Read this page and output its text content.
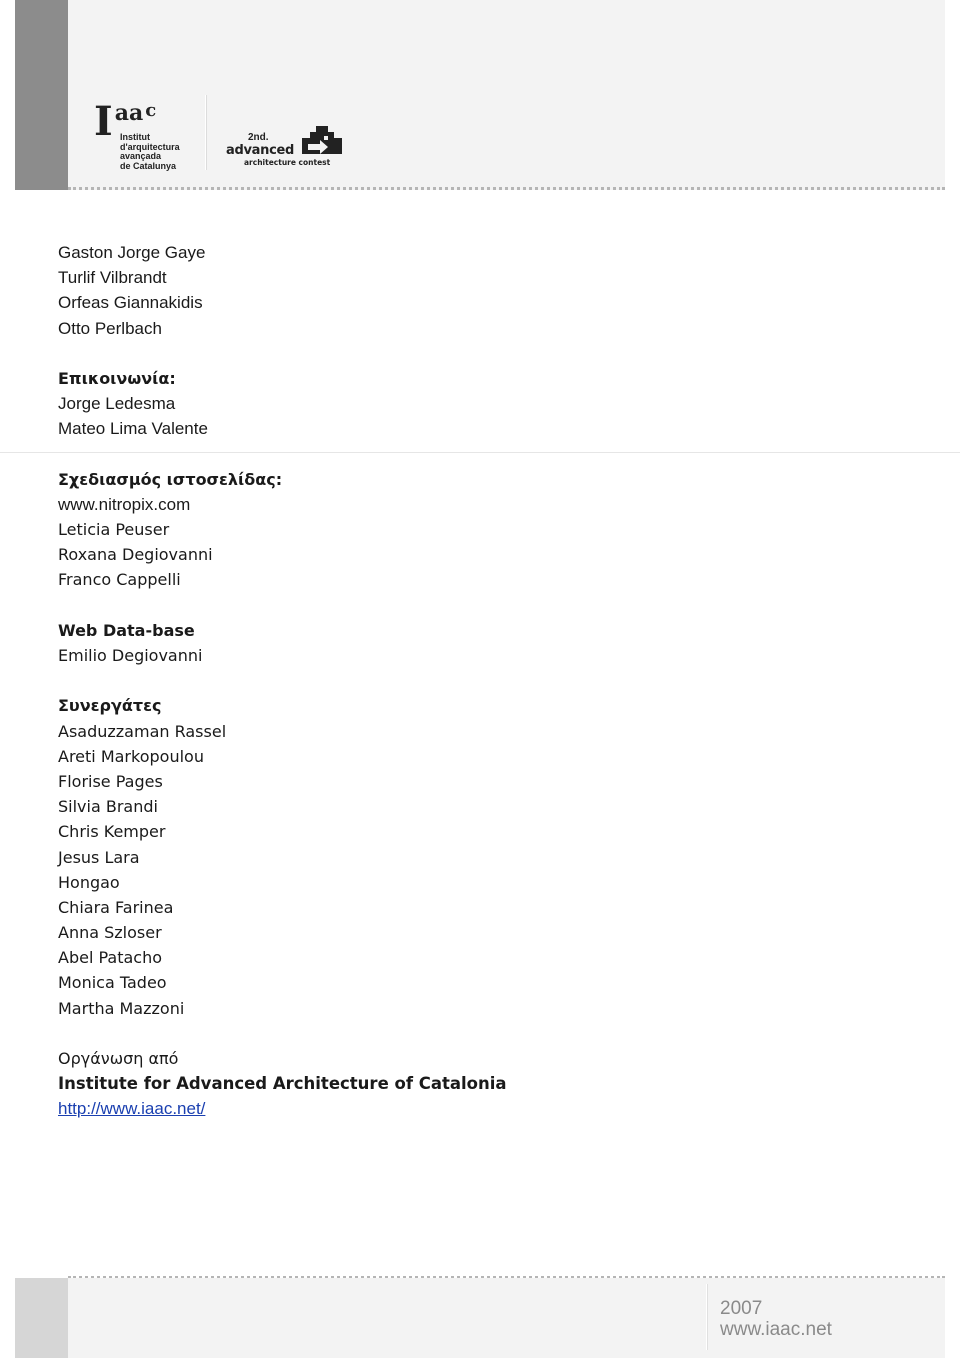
Iaa c
Institut
d'arquitectura
avançada
de Catalunya
2nd.
advanced
architecture contest
Gaston Jorge Gaye
Turlif Vilbrandt
Orfeas Giannakidis
Otto Perlbach
Επικοινωνία:
Jorge Ledesma
Mateo Lima Valente
Σχεδιασμός ιστοσελίδας:
www.nitropix.com
Leticia Peuser
Roxana Degiovanni
Franco Cappelli
Web Data-base
Emilio Degiovanni
Συνεργάτες
Asaduzzaman Rassel
Areti Markopoulou
Florise Pages
Silvia Brandi
Chris Kemper
Jesus Lara
Hongao
Chiara Farinea
Anna Szloser
Abel Patacho
Monica Tadeo
Martha Mazzoni
Οργάνωση από
Institute for Advanced Architecture of Catalonia
http://www.iaac.net/
2007
www.iaac.net
